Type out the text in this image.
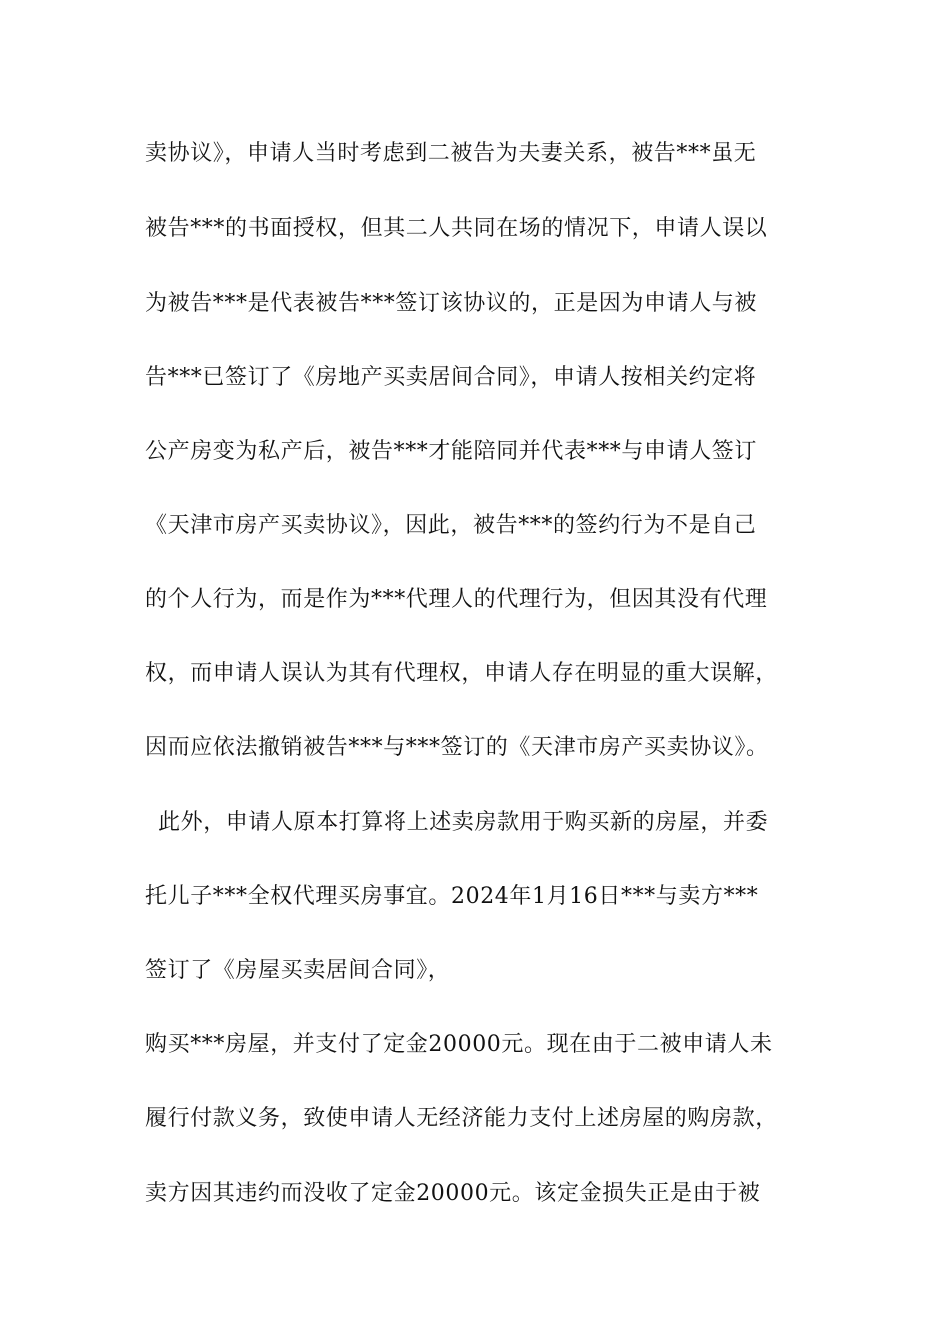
卖协议》，申请人当时考虑到二被告为夫妻关系，被告***虽无
被告***的书面授权，但其二人共同在场的情况下，申请人误以
为被告***是代表被告***签订该协议的，正是因为申请人与被
告***已签订了《房地产买卖居间合同》，申请人按相关约定将
公产房变为私产后，被告***才能陪同并代表***与申请人签订
《天津市房产买卖协议》，因此，被告***的签约行为不是自己
的个人行为，而是作为***代理人的代理行为，但因其没有代理
权，而申请人误认为其有代理权，申请人存在明显的重大误解，
因而应依法撤销被告***与***签订的《天津市房产买卖协议》。
此外，申请人原本打算将上述卖房款用于购买新的房屋，并委
托儿子***全权代理买房事宜。2024年1月16日***与卖方***
签订了《房屋买卖居间合同》，
购买***房屋，并支付了定金20000元。现在由于二被申请人未
履行付款义务，致使申请人无经济能力支付上述房屋的购房款，
卖方因其违约而没收了定金20000元。该定金损失正是由于被
